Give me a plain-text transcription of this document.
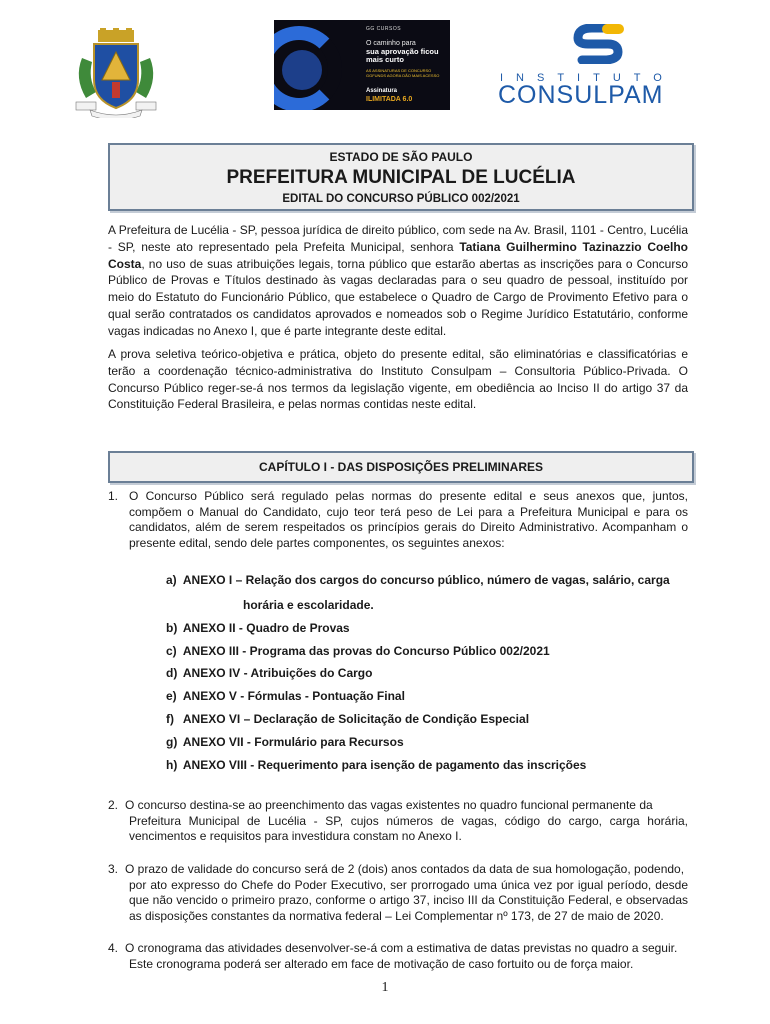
GG CURSOS
O caminho para
sua aprovação ficou mais curto
AS ASSINATURAS DE CONCURSO GGFUNDS AGORA DÃO MAIS ACESSO
Assinatura
ILIMITADA 6.0
INSTITUTO
CONSULPAM
ESTADO DE SÃO PAULO
PREFEITURA MUNICIPAL DE LUCÉLIA
EDITAL DO CONCURSO PÚBLICO 002/2021
A Prefeitura de Lucélia - SP, pessoa jurídica de direito público, com sede na Av. Brasil, 1101 - Centro, Lucélia - SP, neste ato representado pela Prefeita Municipal, senhora Tatiana Guilhermino Tazinazzio Coelho Costa, no uso de suas atribuições legais, torna público que estarão abertas as inscrições para o Concurso Público de Provas e Títulos destinado às vagas declaradas para o seu quadro de pessoal, instituído por meio do Estatuto do Funcionário Público, que estabelece o Quadro de Cargo de Provimento Efetivo para o qual serão contratados os candidatos aprovados e nomeados sob o Regime Jurídico Estatutário, conforme vagas indicadas no Anexo I, que é parte integrante deste edital.
A prova seletiva teórico-objetiva e prática, objeto do presente edital, são eliminatórias e classificatórias e terão a coordenação técnico-administrativa do Instituto Consulpam – Consultoria Público-Privada. O Concurso Público reger-se-á nos termos da legislação vigente, em obediência ao Inciso II do artigo 37 da Constituição Federal Brasileira, e pelas normas contidas neste edital.
CAPÍTULO I - DAS DISPOSIÇÕES PRELIMINARES
1. O Concurso Público será regulado pelas normas do presente edital e seus anexos que, juntos, compõem o Manual do Candidato, cujo teor terá peso de Lei para a Prefeitura Municipal e para os candidatos, além de serem respeitados os princípios gerais do Direito Administrativo. Acompanham o presente edital, sendo dele partes componentes, os seguintes anexos:
a) ANEXO I – Relação dos cargos do concurso público, número de vagas, salário, carga
horária e escolaridade.
b) ANEXO II - Quadro de Provas
c) ANEXO III - Programa das provas do Concurso Público 002/2021
d) ANEXO IV - Atribuições do Cargo
e) ANEXO V - Fórmulas - Pontuação Final
f) ANEXO VI – Declaração de Solicitação de Condição Especial
g) ANEXO VII - Formulário para Recursos
h) ANEXO VIII - Requerimento para isenção de pagamento das inscrições
2. O concurso destina-se ao preenchimento das vagas existentes no quadro funcional permanente da
Prefeitura Municipal de Lucélia - SP, cujos números de vagas, código do cargo, carga horária, vencimentos e requisitos para investidura constam no Anexo I.
3. O prazo de validade do concurso será de 2 (dois) anos contados da data de sua homologação, podendo,
por ato expresso do Chefe do Poder Executivo, ser prorrogado uma única vez por igual período, desde que não vencido o primeiro prazo, conforme o artigo 37, inciso III da Constituição Federal, e observadas as disposições constantes da normativa federal – Lei Complementar nº 173, de 27 de maio de 2020.
4. O cronograma das atividades desenvolver-se-á com a estimativa de datas previstas no quadro a seguir.
Este cronograma poderá ser alterado em face de motivação de caso fortuito ou de força maior.
1
